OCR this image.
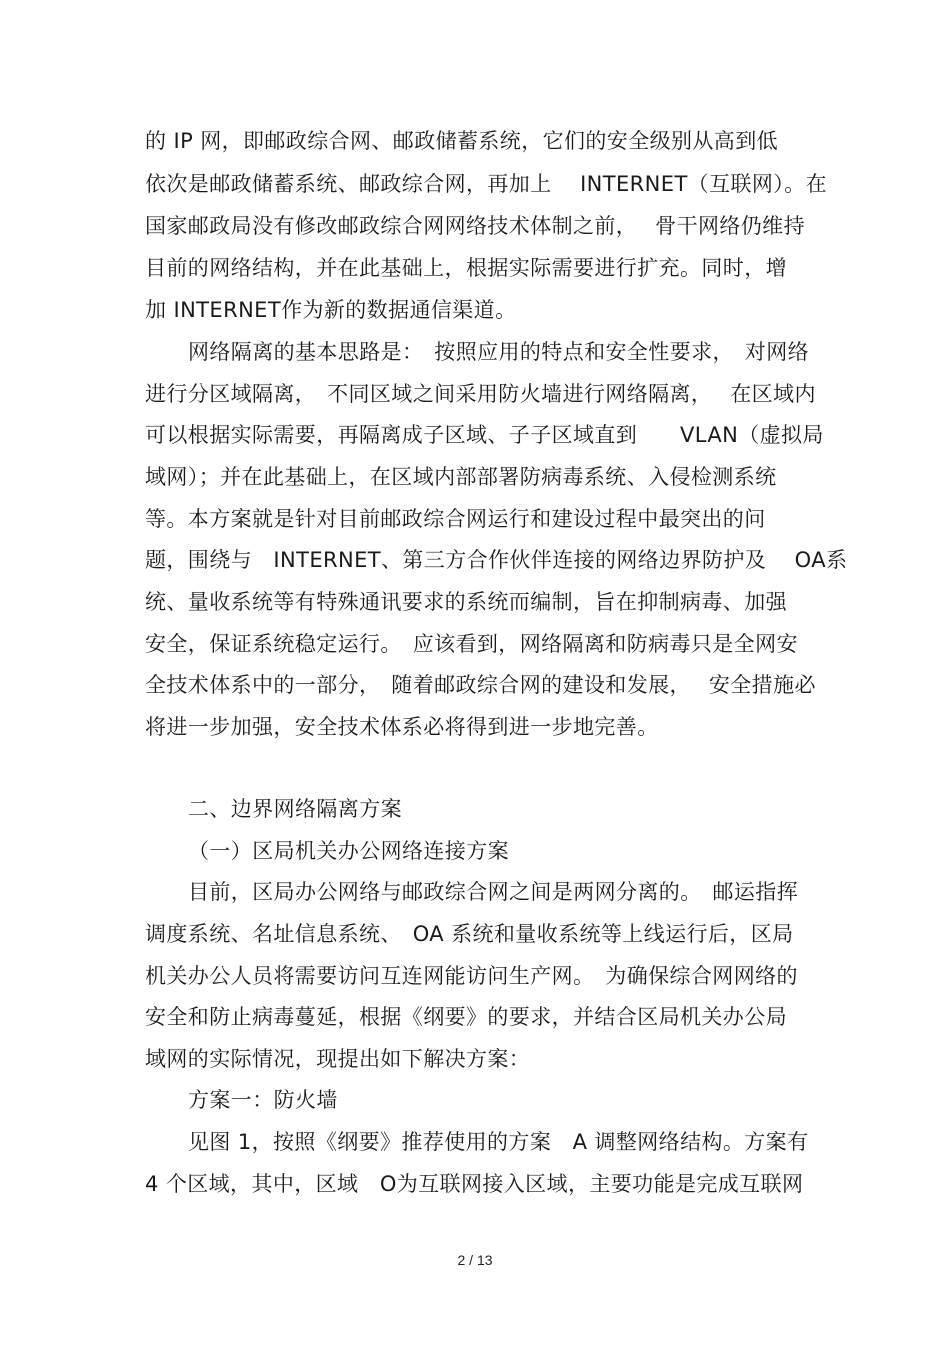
的 IP 网，即邮政综合网、邮政储蓄系统，它们的安全级别从高到低

依次是邮政储蓄系统、邮政综合网，再加上　 INTERNET（互联网）。在

国家邮政局没有修改邮政综合网网络技术体制之前，　 骨干网络仍维持

目前的网络结构，并在此基础上，根据实际需要进行扩充。同时，增

加 INTERNET作为新的数据通信渠道。

网络隔离的基本思路是：　按照应用的特点和安全性要求，　对网络

进行分区域隔离，　不同区域之间采用防火墙进行网络隔离，　 在区域内

可以根据实际需要，再隔离成子区域、子子区域直到　　VLAN（虚拟局

域网）；并在此基础上，在区域内部部署防病毒系统、入侵检测系统

等。本方案就是针对目前邮政综合网运行和建设过程中最突出的问

题，围绕与　INTERNET、第三方合作伙伴连接的网络边界防护及　 OA系

统、量收系统等有特殊通讯要求的系统而编制，旨在抑制病毒、加强

安全，保证系统稳定运行。　应该看到，网络隔离和防病毒只是全网安

全技术体系中的一部分，　随着邮政综合网的建设和发展，　 安全措施必

将进一步加强，安全技术体系必将得到进一步地完善。

二、边界网络隔离方案

（一）区局机关办公网络连接方案

目前，区局办公网络与邮政综合网之间是两网分离的。　邮运指挥

调度系统、名址信息系统、　OA 系统和量收系统等上线运行后，区局

机关办公人员将需要访问互连网能访问生产网。　为确保综合网网络的

安全和防止病毒蔓延，根据《纲要》的要求，并结合区局机关办公局

域网的实际情况，现提出如下解决方案：

方案一：防火墙

见图 1，按照《纲要》推荐使用的方案　A 调整网络结构。方案有

4 个区域，其中，区域　O为互联网接入区域，主要功能是完成互联网

2 / 13
